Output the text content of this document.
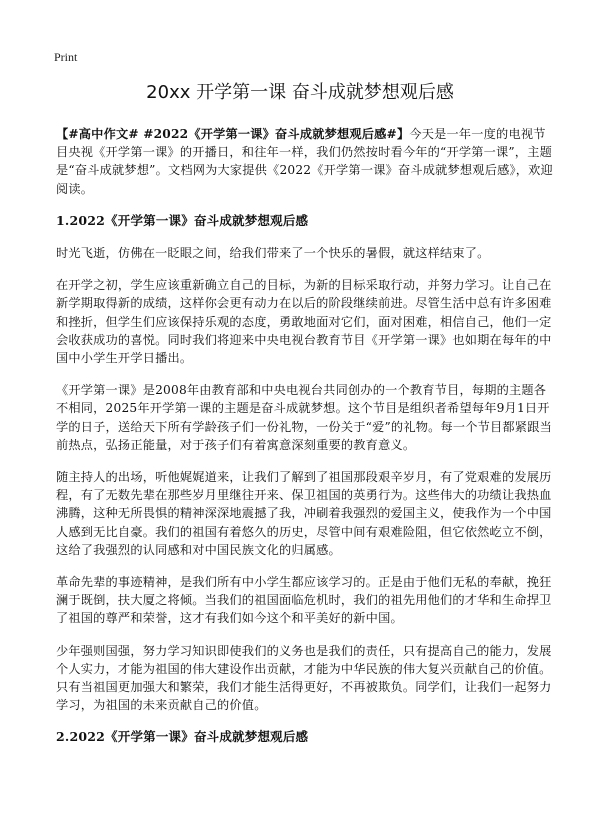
Print
20xx 开学第一课 奋斗成就梦想观后感

【#高中作文# #2022《开学第一课》奋斗成就梦想观后感#】今天是一年一度的电视节目央视《开学第一课》的开播日，和往年一样，我们仍然按时看今年的“开学第一课”，主题是“奋斗成就梦想”。文档网为大家提供《2022《开学第一课》奋斗成就梦想观后感》，欢迎阅读。

1.2022《开学第一课》奋斗成就梦想观后感

时光飞逝，仿佛在一眨眼之间，给我们带来了一个快乐的暑假，就这样结束了。

在开学之初，学生应该重新确立自己的目标，为新的目标采取行动，并努力学习。让自己在新学期取得新的成绩，这样你会更有动力在以后的阶段继续前进。尽管生活中总有许多困难和挫折，但学生们应该保持乐观的态度，勇敢地面对它们，面对困难，相信自己，他们一定会收获成功的喜悦。同时我们将迎来中央电视台教育节目《开学第一课》也如期在每年的中国中小学生开学日播出。

《开学第一课》是2008年由教育部和中央电视台共同创办的一个教育节目，每期的主题各不相同，2025年开学第一课的主题是奋斗成就梦想。这个节目是组织者希望每年9月1日开学的日子，送给天下所有学龄孩子们一份礼物，一份关于“爱”的礼物。每一个节目都紧跟当前热点，弘扬正能量，对于孩子们有着寓意深刻重要的教育意义。

随主持人的出场，听他娓娓道来，让我们了解到了祖国那段艰辛岁月，有了党艰难的发展历程，有了无数先辈在那些岁月里继往开来、保卫祖国的英勇行为。这些伟大的功绩让我热血沸腾，这种无所畏惧的精神深深地震撼了我，冲刷着我强烈的爱国主义，使我作为一个中国人感到无比自豪。我们的祖国有着悠久的历史，尽管中间有艰难险阻，但它依然屹立不倒，这给了我强烈的认同感和对中国民族文化的归属感。

革命先辈的事迹精神，是我们所有中小学生都应该学习的。正是由于他们无私的奉献，挽狂澜于既倒，扶大厦之将倾。当我们的祖国面临危机时，我们的祖先用他们的才华和生命捍卫了祖国的尊严和荣誉，这才有我们如今这个和平美好的新中国。

少年强则国强，努力学习知识即使我们的义务也是我们的责任，只有提高自己的能力，发展个人实力，才能为祖国的伟大建设作出贡献，才能为中华民族的伟大复兴贡献自己的价值。只有当祖国更加强大和繁荣，我们才能生活得更好，不再被欺负。同学们，让我们一起努力学习，为祖国的未来贡献自己的价值。

2.2022《开学第一课》奋斗成就梦想观后感
